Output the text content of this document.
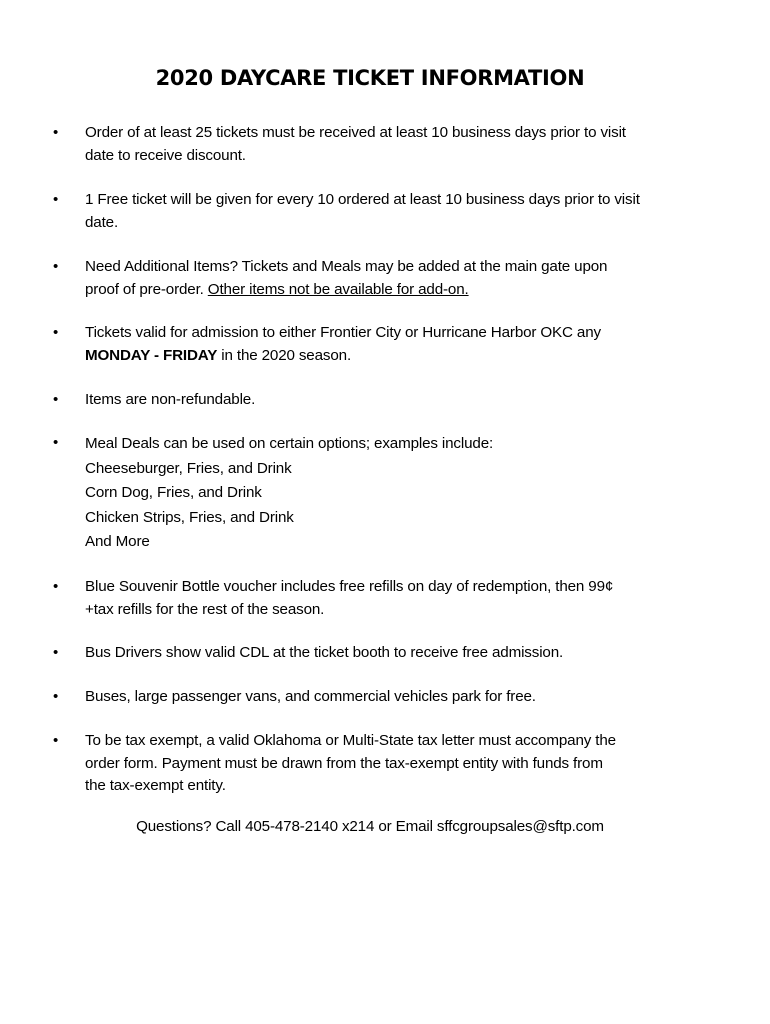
2020 DAYCARE TICKET INFORMATION
• Order of at least 25 tickets must be received at least 10 business days prior to visit
date to receive discount.
• 1 Free ticket will be given for every 10 ordered at least 10 business days prior to visit
date.
• Need Additional Items? Tickets and Meals may be added at the main gate upon
proof of pre-order. Other items not be available for add-on.
• Tickets valid for admission to either Frontier City or Hurricane Harbor OKC any
MONDAY - FRIDAY in the 2020 season.
• Items are non-refundable.
• Meal Deals can be used on certain options; examples include:
Cheeseburger, Fries, and Drink
Corn Dog, Fries, and Drink
Chicken Strips, Fries, and Drink
And More
• Blue Souvenir Bottle voucher includes free refills on day of redemption, then 99¢
+tax refills for the rest of the season.
• Bus Drivers show valid CDL at the ticket booth to receive free admission.
• Buses, large passenger vans, and commercial vehicles park for free.
• To be tax exempt, a valid Oklahoma or Multi-State tax letter must accompany the
order form. Payment must be drawn from the tax-exempt entity with funds from
the tax-exempt entity.
Questions? Call 405-478-2140 x214 or Email sffcgroupsales@sftp.com
